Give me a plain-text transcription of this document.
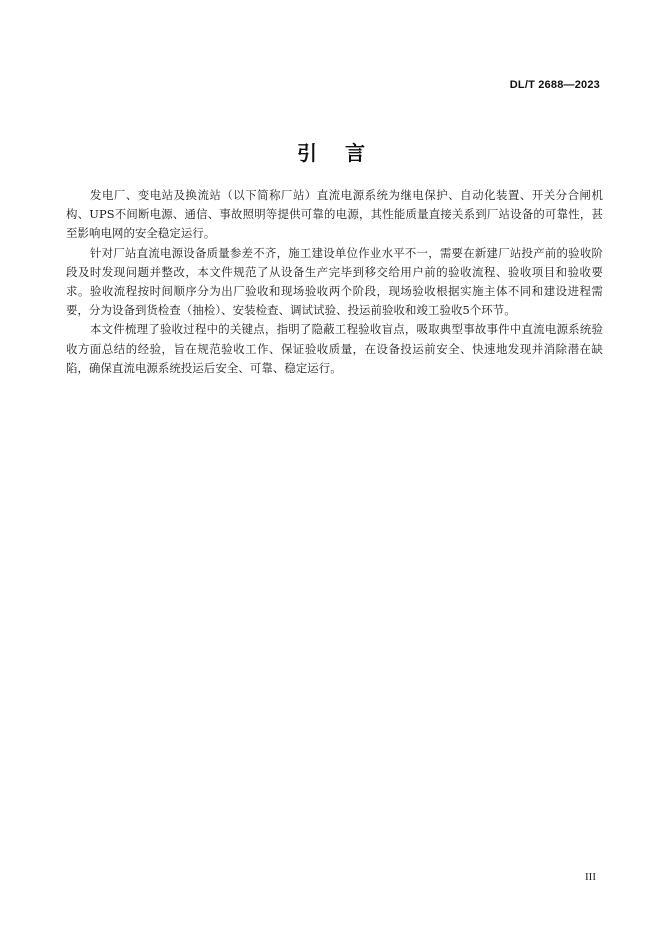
DL/T 2688—2023
引言

发电厂、变电站及换流站（以下简称厂站）直流电源系统为继电保护、自动化装置、开关分合闸机构、UPS不间断电源、通信、事故照明等提供可靠的电源，其性能质量直接关系到厂站设备的可靠性，甚至影响电网的安全稳定运行。

针对厂站直流电源设备质量参差不齐，施工建设单位作业水平不一，需要在新建厂站投产前的验收阶段及时发现问题并整改，本文件规范了从设备生产完毕到移交给用户前的验收流程、验收项目和验收要求。验收流程按时间顺序分为出厂验收和现场验收两个阶段，现场验收根据实施主体不同和建设进程需要，分为设备到货检查（抽检）、安装检查、调试试验、投运前验收和竣工验收5个环节。

本文件梳理了验收过程中的关键点，指明了隐蔽工程验收盲点，吸取典型事故事件中直流电源系统验收方面总结的经验，旨在规范验收工作、保证验收质量，在设备投运前安全、快速地发现并消除潜在缺陷，确保直流电源系统投运后安全、可靠、稳定运行。

III
